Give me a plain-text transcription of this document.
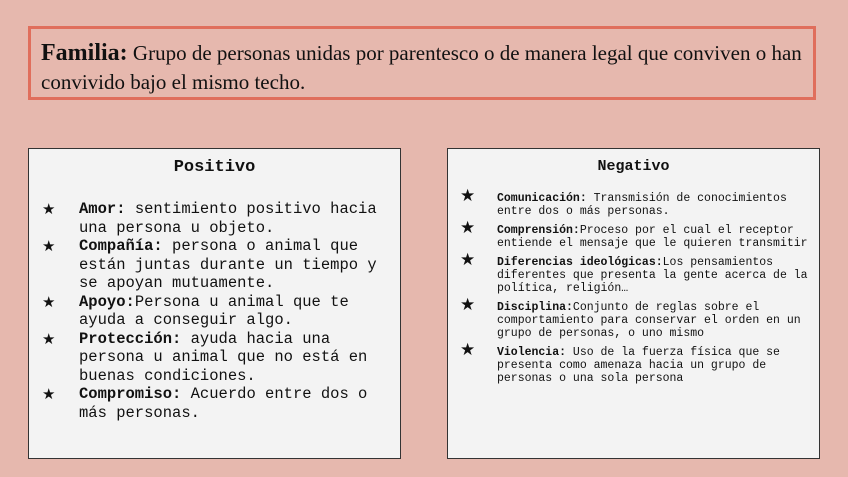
Familia: Grupo de personas unidas por parentesco o de manera legal que conviven o han convivido bajo el mismo techo.
Positivo
★ Amor: sentimiento positivo hacia una persona u objeto.
★ Compañía: persona o animal que están juntas durante un tiempo y se apoyan mutuamente.
★ Apoyo:Persona u animal que te ayuda a conseguir algo.
★ Protección: ayuda hacia una persona u animal que no está en buenas condiciones.
★ Compromiso: Acuerdo entre dos o más personas.
Negativo
★ Comunicación: Transmisión de conocimientos entre dos o más personas.
★ Comprensión:Proceso por el cual el receptor entiende el mensaje que le quieren transmitir
★ Diferencias ideológicas:Los pensamientos diferentes que presenta la gente acerca de la política, religión…
★ Disciplina:Conjunto de reglas sobre el comportamiento para conservar el orden en un grupo de personas, o uno mismo
★ Violencia: Uso de la fuerza física que se presenta como amenaza hacia un grupo de personas o una sola persona
